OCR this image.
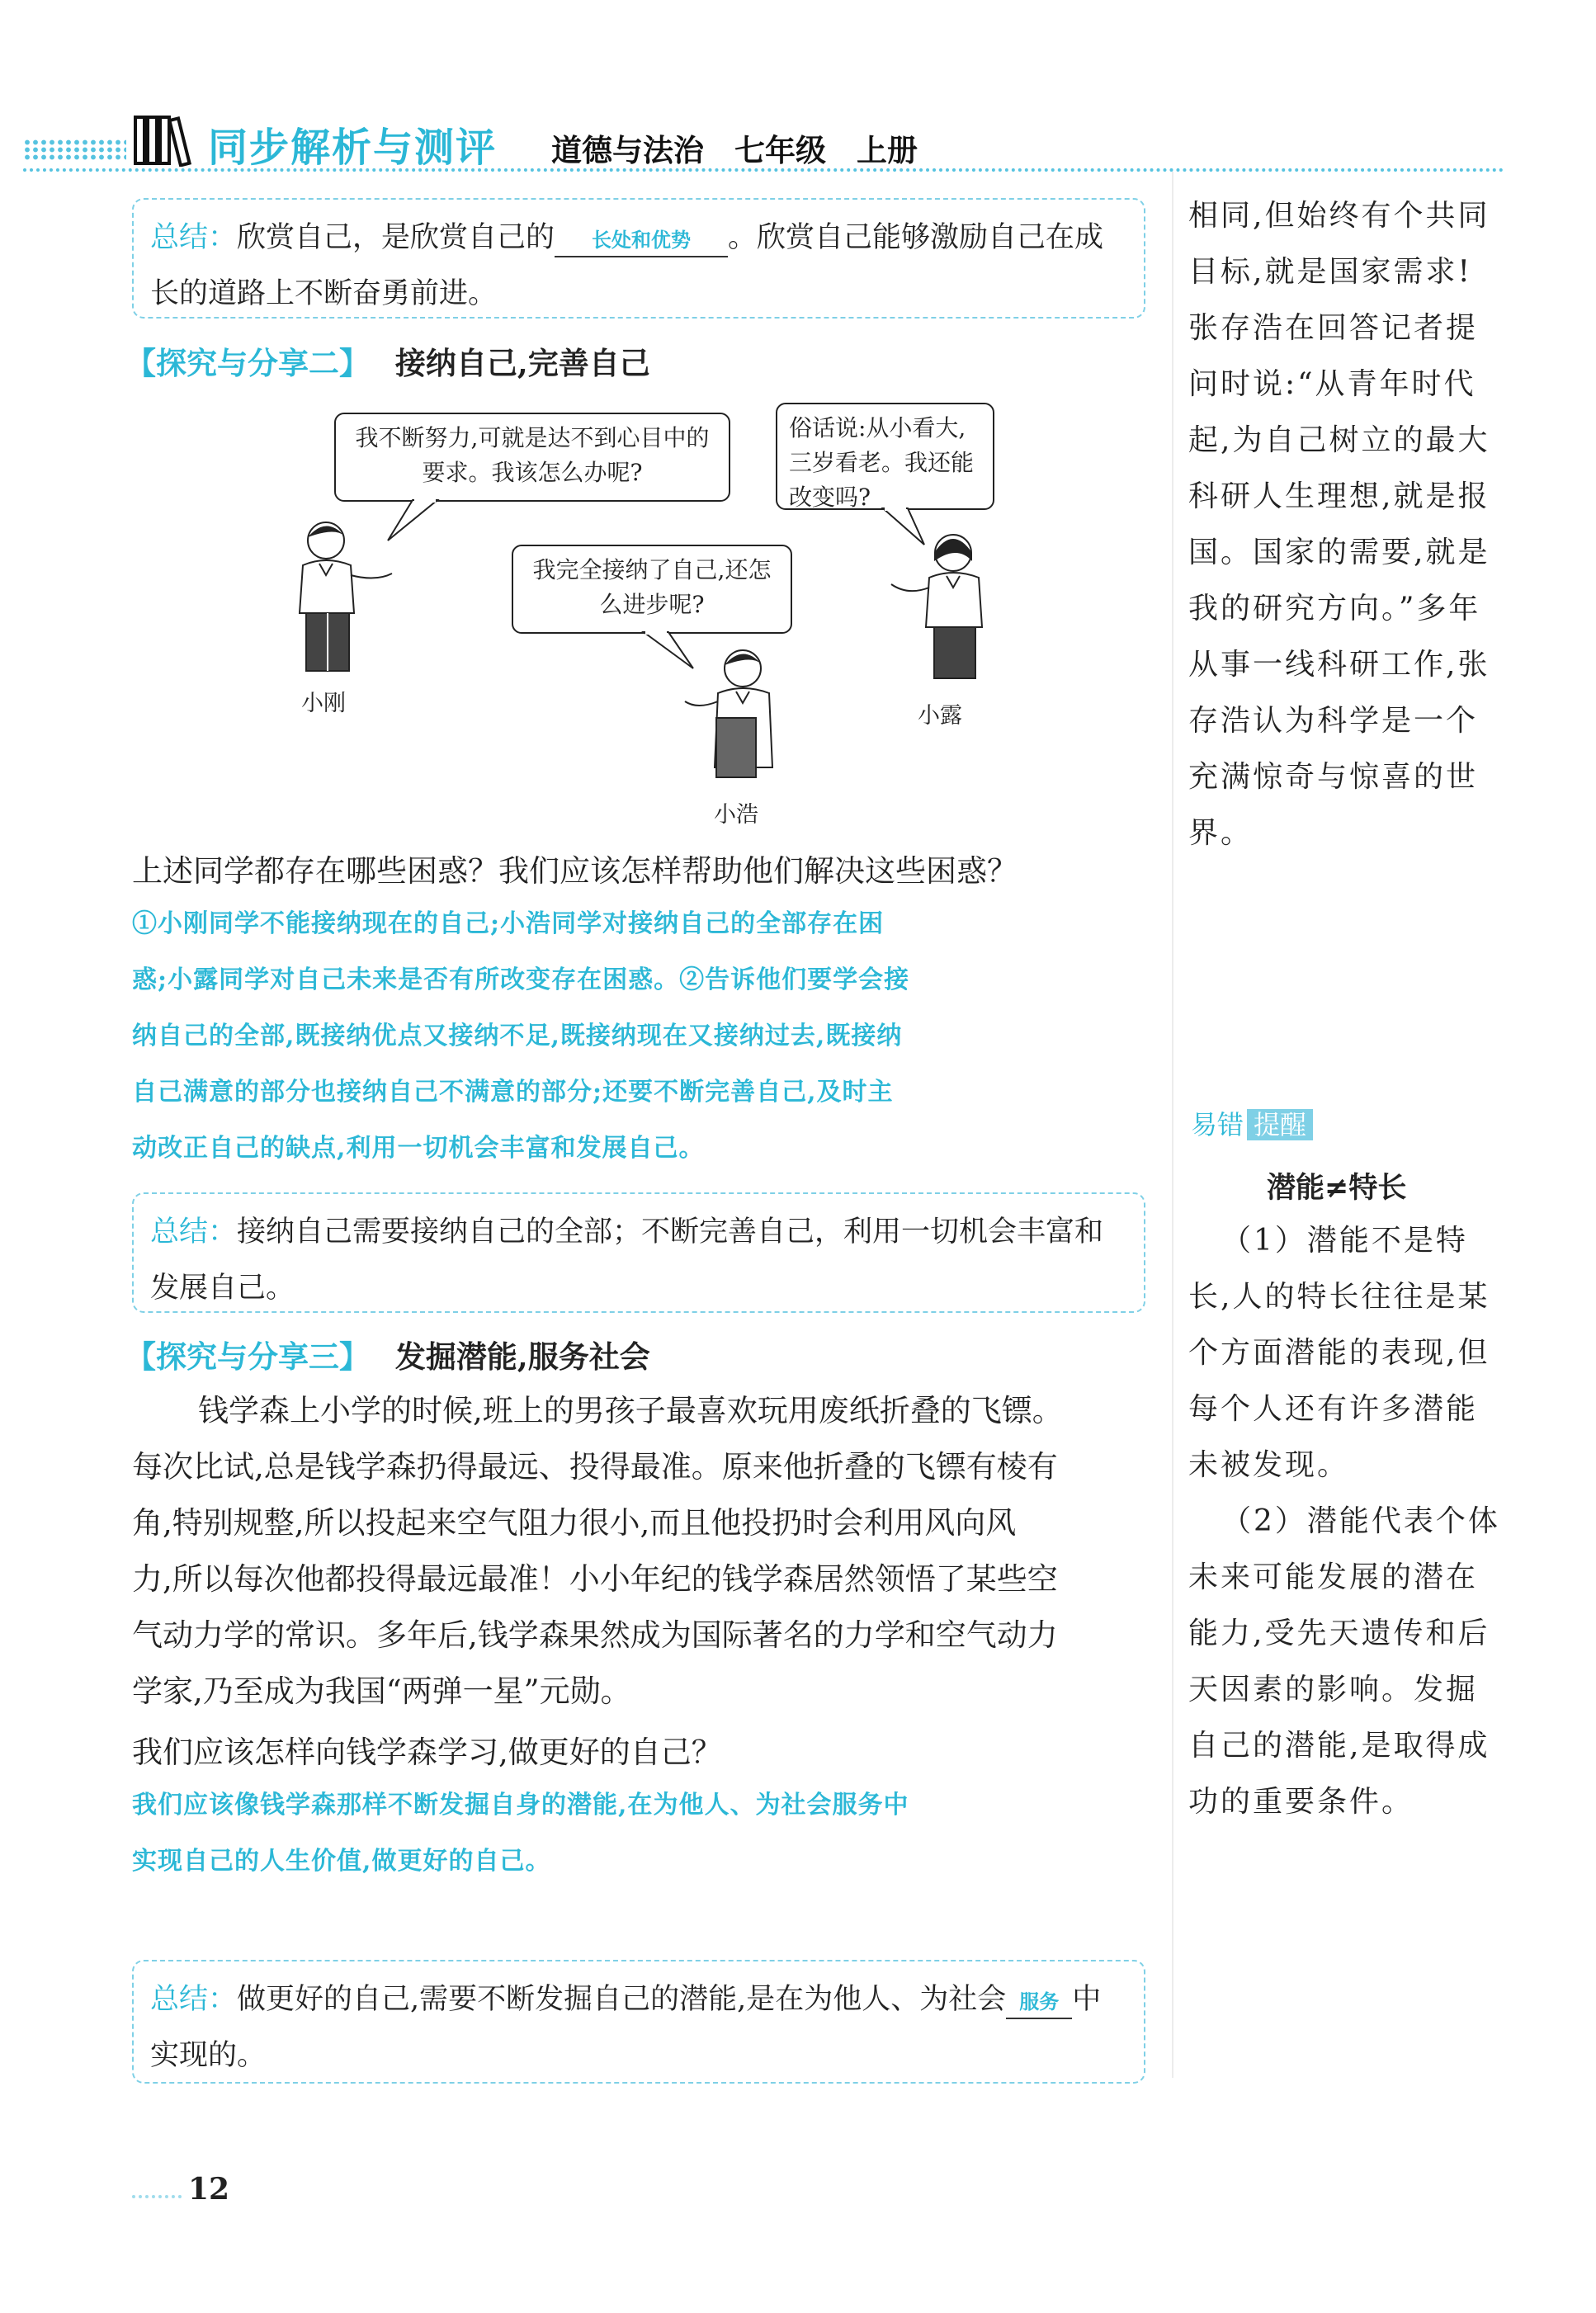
同步解析与测评 道德与法治　七年级　上册
总结：欣赏自己，是欣赏自己的 长处和优势 。欣赏自己能够激励自己在成长的道路上不断奋勇前进。
【探究与分享二】 接纳自己,完善自己
我不断努力,可就是达不到心目中的要求。我该怎么办呢?
我完全接纳了自己,还怎么进步呢?
俗话说:从小看大,三岁看老。我还能改变吗?
小刚
小浩
小露
上述同学都存在哪些困惑？我们应该怎样帮助他们解决这些困惑？
①小刚同学不能接纳现在的自己;小浩同学对接纳自己的全部存在困
惑;小露同学对自己未来是否有所改变存在困惑。②告诉他们要学会接
纳自己的全部,既接纳优点又接纳不足,既接纳现在又接纳过去,既接纳
自己满意的部分也接纳自己不满意的部分;还要不断完善自己,及时主
动改正自己的缺点,利用一切机会丰富和发展自己。
总结：接纳自己需要接纳自己的全部；不断完善自己，利用一切机会丰富和发展自己。
【探究与分享三】 发掘潜能,服务社会
钱学森上小学的时候,班上的男孩子最喜欢玩用废纸折叠的飞镖。
每次比试,总是钱学森扔得最远、投得最准。原来他折叠的飞镖有棱有
角,特别规整,所以投起来空气阻力很小,而且他投扔时会利用风向风
力,所以每次他都投得最远最准！小小年纪的钱学森居然领悟了某些空
气动力学的常识。多年后,钱学森果然成为国际著名的力学和空气动力
学家,乃至成为我国“两弹一星”元勋。
我们应该怎样向钱学森学习,做更好的自己？
我们应该像钱学森那样不断发掘自身的潜能,在为他人、为社会服务中
实现自己的人生价值,做更好的自己。
总结：做更好的自己,需要不断发掘自己的潜能,是在为他人、为社会 服务 中实现的。
相同,但始终有个共同
目标,就是国家需求!
张存浩在回答记者提
问时说:“从青年时代
起,为自己树立的最大
科研人生理想,就是报
国。国家的需要,就是
我的研究方向。”多年
从事一线科研工作,张
存浩认为科学是一个
充满惊奇与惊喜的世
界。
易错 提醒
潜能≠特长
（1）潜能不是特
长,人的特长往往是某
个方面潜能的表现,但
每个人还有许多潜能
未被发现。
（2）潜能代表个体
未来可能发展的潜在
能力,受先天遗传和后
天因素的影响。发掘
自己的潜能,是取得成
功的重要条件。
12
